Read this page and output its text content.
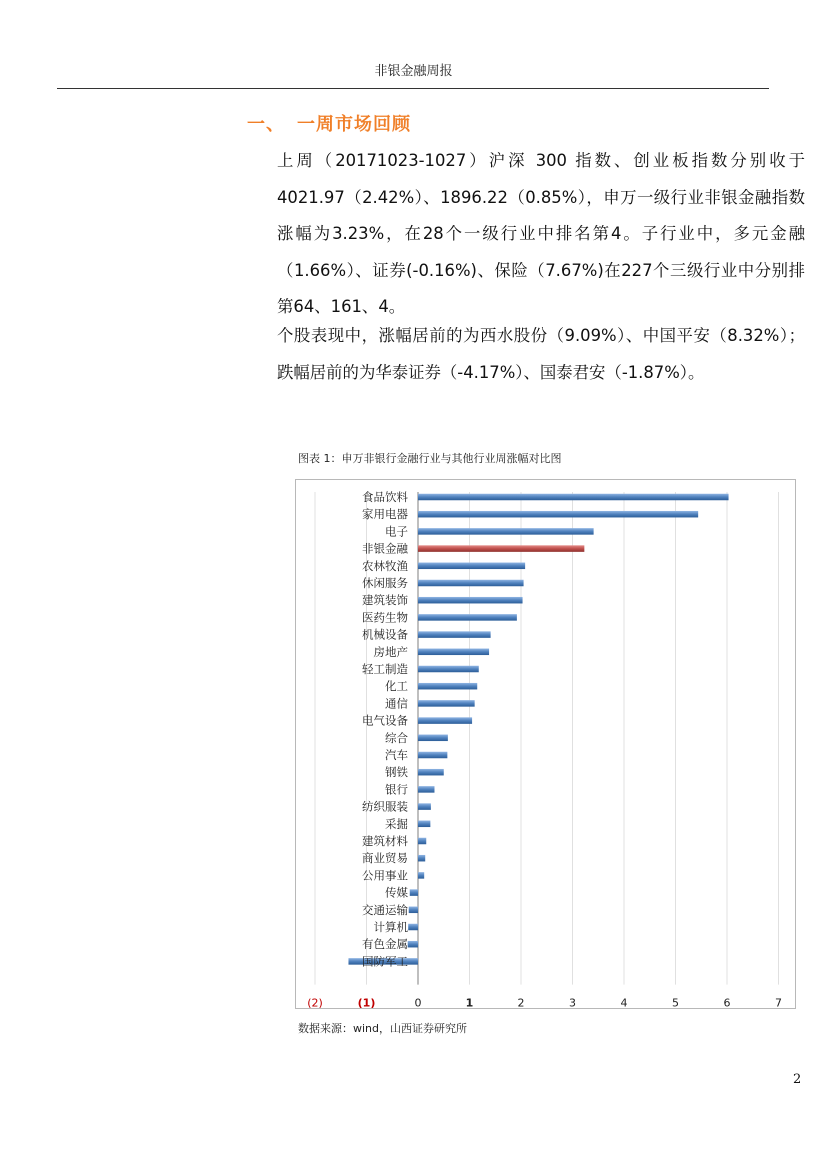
非银金融周报
一、 一周市场回顾
上周（20171023-1027）沪深 300 指数、创业板指数分别收于4021.97（2.42%）、1896.22（0.85%），申万一级行业非银金融指数涨幅为3.23%，在28个一级行业中排名第4。子行业中，多元金融（1.66%）、证券(-0.16%)、保险（7.67%)在227个三级行业中分别排第64、161、4。
个股表现中，涨幅居前的为西水股份（9.09%）、中国平安（8.32%）；跌幅居前的为华泰证券（-4.17%）、国泰君安（-1.87%）。
图表 1：申万非银行金融行业与其他行业周涨幅对比图
食品饮料
家用电器
电子
非银金融
农林牧渔
休闲服务
建筑装饰
医药生物
机械设备
房地产
轻工制造
化工
通信
电气设备
综合
汽车
钢铁
银行
纺织服装
采掘
建筑材料
商业贸易
公用事业
传媒
交通运输
计算机
有色金属
国防军工
(2)	(1)	0	1	2	3	4	5	6	7
数据来源：wind，山西证券研究所
2
